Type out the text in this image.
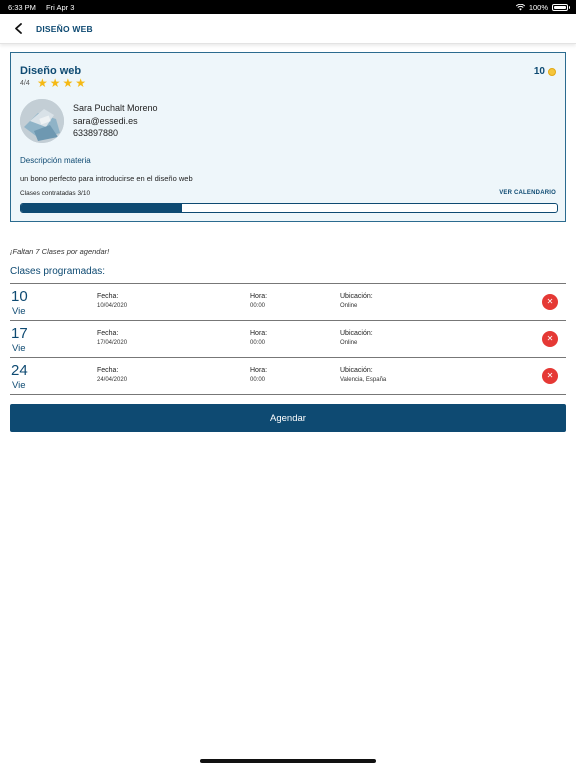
6:33 PM Fri Apr 3	100%
DISEÑO WEB
Diseño web
4/4 ★ ★ ★ ★
10
Sara Puchalt Moreno
sara@essedi.es
633897880
Descripción materia
un bono perfecto para introducirse en el diseño web
Clases contratadas 3/10	VER CALENDARIO
¡Faltan 7 Clases por agendar!
Clases programadas:
10
Vie
Fecha:
10/04/2020
Hora:
00:00
Ubicación:
Online	✕
17
Vie
Fecha:
17/04/2020
Hora:
00:00
Ubicación:
Online	✕
24
Vie
Fecha:
24/04/2020
Hora:
00:00
Ubicación:
Valencia, España	✕
Agendar
